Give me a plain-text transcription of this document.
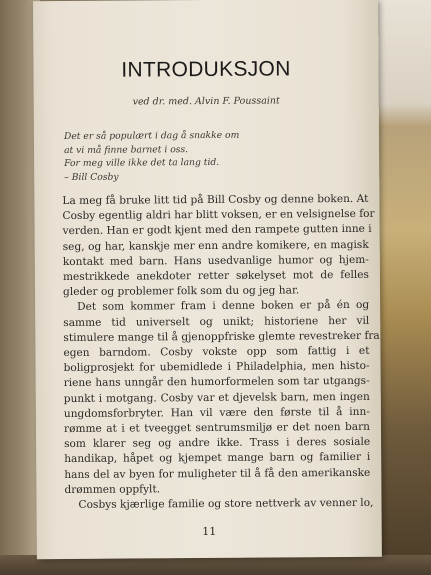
INTRODUKSJON
ved dr. med. Alvin F. Poussaint
Det er så populært i dag å snakke om
at vi må finne barnet i oss.
For meg ville ikke det ta lang tid.
– Bill Cosby

La meg få bruke litt tid på Bill Cosby og denne boken. At
Cosby egentlig aldri har blitt voksen, er en velsignelse for
verden. Han er godt kjent med den rampete gutten inne i
seg, og har, kanskje mer enn andre komikere, en magisk
kontakt med barn. Hans usedvanlige humor og hjem-
mestrikkede anekdoter retter søkelyset mot de felles
gleder og problemer folk som du og jeg har.

Det som kommer fram i denne boken er på én og
samme tid universelt og unikt; historiene her vil
stimulere mange til å gjenoppfriske glemte revestreker fra
egen barndom. Cosby vokste opp som fattig i et
boligprosjekt for ubemidlede i Philadelphia, men histo-
riene hans unngår den humorformelen som tar utgangs-
punkt i motgang. Cosby var et djevelsk barn, men ingen
ungdomsforbryter. Han vil være den første til å inn-
rømme at i et tveegget sentrumsmiljø er det noen barn
som klarer seg og andre ikke. Trass i deres sosiale
handikap, håpet og kjempet mange barn og familier i
hans del av byen for muligheter til å få den amerikanske
drømmen oppfylt.

Cosbys kjærlige familie og store nettverk av venner lo,

11
